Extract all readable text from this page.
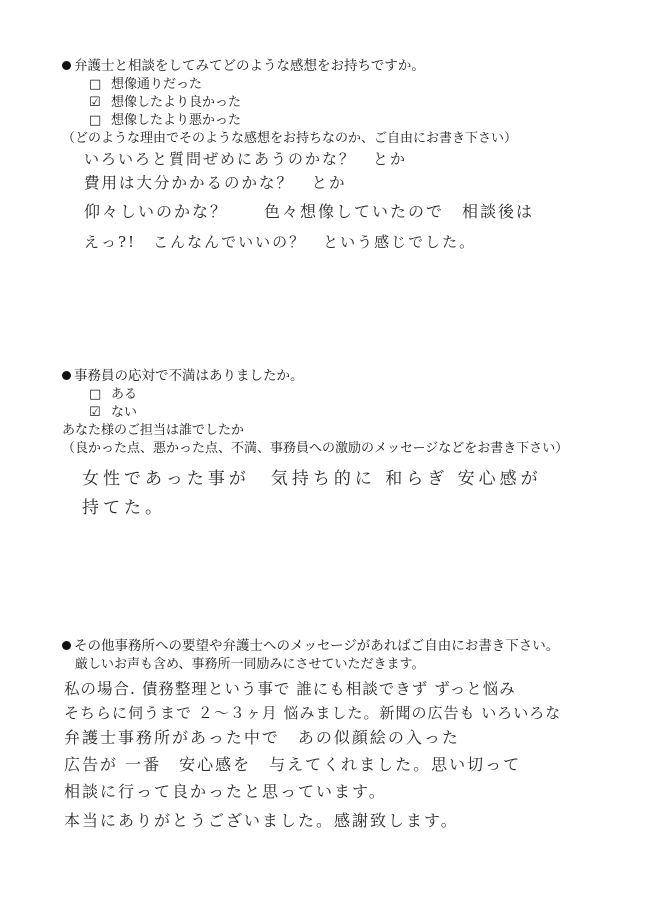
弁護士と相談をしてみてどのような感想をお持ちですか。
□ 想像通りだった
☑ 想像したより良かった
□ 想像したより悪かった
（どのような理由でそのような感想をお持ちなのか、ご自由にお書き下さい）
いろいろと質問ぜめにあうのかな？　とか
費用は大分かかるのかな？　とか
仰々しいのかな？　　色々想像していたので　相談後は
えっ?!　こんなんでいいの？　という感じでした。
事務員の応対で不満はありましたか。
□ ある
☑ ない
あなた様のご担当は誰でしたか
（良かった点、悪かった点、不満、事務員への激励のメッセージなどをお書き下さい）
女性であった事が　気持ち的に 和らぎ 安心感が
持てた。
その他事務所への要望や弁護士へのメッセージがあればご自由にお書き下さい。
厳しいお声も含め、事務所一同励みにさせていただきます。
私の場合. 債務整理という事で 誰にも相談できず ずっと悩み
そちらに伺うまで ２～３ヶ月 悩みました。新聞の広告も いろいろな
弁護士事務所があった中で　あの似顔絵の入った
広告が 一番　安心感を　与えてくれました。思い切って
相談に行って良かったと思っています。
本当にありがとうございました。感謝致します。
